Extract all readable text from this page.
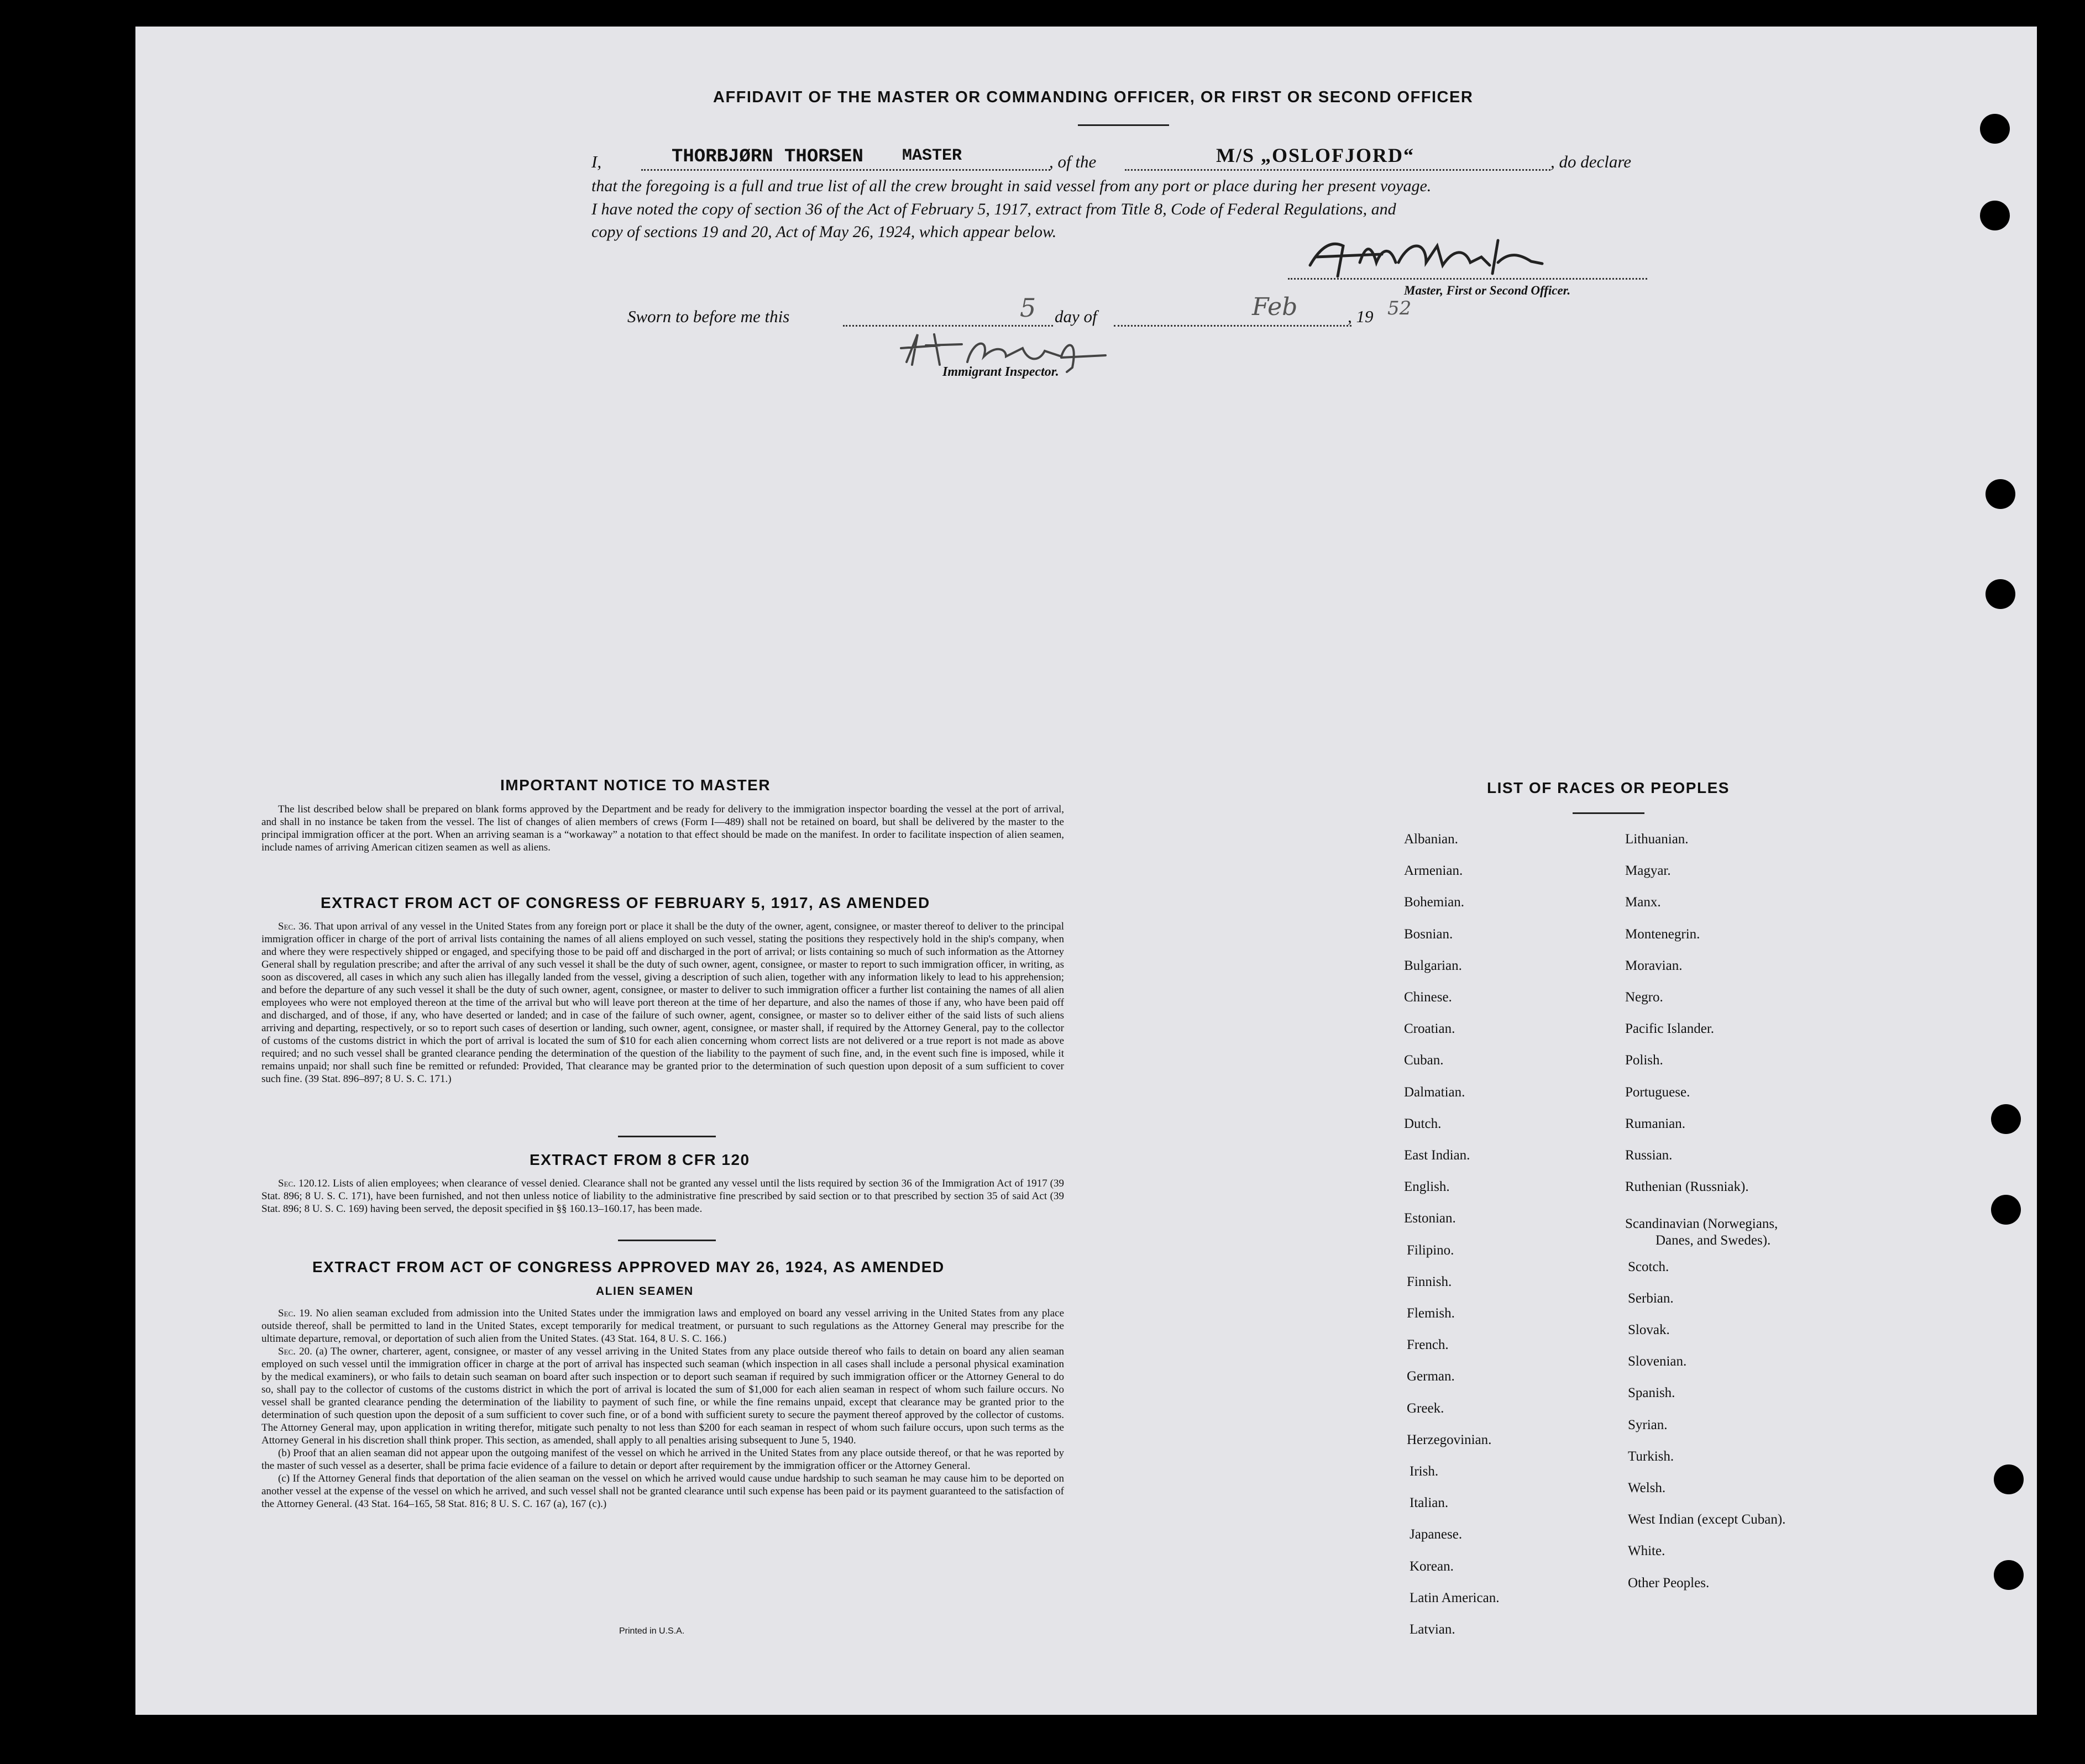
AFFIDAVIT OF THE MASTER OR COMMANDING OFFICER, OR FIRST OR SECOND OFFICER
I,	THORBJØRN THORSEN MASTER	, of the	M/S „OSLOFJORD“	, do declare
that the foregoing is a full and true list of all the crew brought in said vessel from any port or place during her present voyage.
I have noted the copy of section 36 of the Act of February 5, 1917, extract from Title 8, Code of Federal Regulations, and
copy of sections 19 and 20, Act of May 26, 1924, which appear below.
Master, First or Second Officer.
Sworn to before me this	5 day of	Feb	, 19 52
Immigrant Inspector.
IMPORTANT NOTICE TO MASTER
The list described below shall be prepared on blank forms approved by the Department and be ready for delivery to the immigration inspector boarding the vessel at the port of arrival, and shall in no instance be taken from the vessel. The list of changes of alien members of crews (Form I—489) shall not be retained on board, but shall be delivered by the master to the principal immigration officer at the port. When an arriving seaman is a “workaway” a notation to that effect should be made on the manifest. In order to facilitate inspection of alien seamen, include names of arriving American citizen seamen as well as aliens.
EXTRACT FROM ACT OF CONGRESS OF FEBRUARY 5, 1917, AS AMENDED
Sec. 36. That upon arrival of any vessel in the United States from any foreign port or place it shall be the duty of the owner, agent, consignee, or master thereof to deliver to the principal immigration officer in charge of the port of arrival lists containing the names of all aliens employed on such vessel, stating the positions they respectively hold in the ship's company, when and where they were respectively shipped or engaged, and specifying those to be paid off and discharged in the port of arrival; or lists containing so much of such information as the Attorney General shall by regulation prescribe; and after the arrival of any such vessel it shall be the duty of such owner, agent, consignee, or master to report to such immigration officer, in writing, as soon as discovered, all cases in which any such alien has illegally landed from the vessel, giving a description of such alien, together with any information likely to lead to his apprehension; and before the departure of any such vessel it shall be the duty of such owner, agent, consignee, or master to deliver to such immigration officer a further list containing the names of all alien employees who were not employed thereon at the time of the arrival but who will leave port thereon at the time of her departure, and also the names of those if any, who have been paid off and discharged, and of those, if any, who have deserted or landed; and in case of the failure of such owner, agent, consignee, or master so to deliver either of the said lists of such aliens arriving and departing, respectively, or so to report such cases of desertion or landing, such owner, agent, consignee, or master shall, if required by the Attorney General, pay to the collector of customs of the customs district in which the port of arrival is located the sum of $10 for each alien concerning whom correct lists are not delivered or a true report is not made as above required; and no such vessel shall be granted clearance pending the determination of the question of the liability to the payment of such fine, and, in the event such fine is imposed, while it remains unpaid; nor shall such fine be remitted or refunded: Provided, That clearance may be granted prior to the determination of such question upon deposit of a sum sufficient to cover such fine. (39 Stat. 896–897; 8 U. S. C. 171.)
EXTRACT FROM 8 CFR 120
Sec. 120.12. Lists of alien employees; when clearance of vessel denied. Clearance shall not be granted any vessel until the lists required by section 36 of the Immigration Act of 1917 (39 Stat. 896; 8 U. S. C. 171), have been furnished, and not then unless notice of liability to the administrative fine prescribed by said section or to that prescribed by section 35 of said Act (39 Stat. 896; 8 U. S. C. 169) having been served, the deposit specified in §§ 160.13–160.17, has been made.
EXTRACT FROM ACT OF CONGRESS APPROVED MAY 26, 1924, AS AMENDED
ALIEN SEAMEN
Sec. 19. No alien seaman excluded from admission into the United States under the immigration laws and employed on board any vessel arriving in the United States from any place outside thereof, shall be permitted to land in the United States, except temporarily for medical treatment, or pursuant to such regulations as the Attorney General may prescribe for the ultimate departure, removal, or deportation of such alien from the United States. (43 Stat. 164, 8 U. S. C. 166.)
Sec. 20. (a) The owner, charterer, agent, consignee, or master of any vessel arriving in the United States from any place outside thereof who fails to detain on board any alien seaman employed on such vessel until the immigration officer in charge at the port of arrival has inspected such seaman (which inspection in all cases shall include a personal physical examination by the medical examiners), or who fails to detain such seaman on board after such inspection or to deport such seaman if required by such immigration officer or the Attorney General to do so, shall pay to the collector of customs of the customs district in which the port of arrival is located the sum of $1,000 for each alien seaman in respect of whom such failure occurs. No vessel shall be granted clearance pending the determination of the liability to payment of such fine, or while the fine remains unpaid, except that clearance may be granted prior to the determination of such question upon the deposit of a sum sufficient to cover such fine, or of a bond with sufficient surety to secure the payment thereof approved by the collector of customs. The Attorney General may, upon application in writing therefor, mitigate such penalty to not less than $200 for each seaman in respect of whom such failure occurs, upon such terms as the Attorney General in his discretion shall think proper. This section, as amended, shall apply to all penalties arising subsequent to June 5, 1940.
(b) Proof that an alien seaman did not appear upon the outgoing manifest of the vessel on which he arrived in the United States from any place outside thereof, or that he was reported by the master of such vessel as a deserter, shall be prima facie evidence of a failure to detain or deport after requirement by the immigration officer or the Attorney General.
(c) If the Attorney General finds that deportation of the alien seaman on the vessel on which he arrived would cause undue hardship to such seaman he may cause him to be deported on another vessel at the expense of the vessel on which he arrived, and such vessel shall not be granted clearance until such expense has been paid or its payment guaranteed to the satisfaction of the Attorney General. (43 Stat. 164–165, 58 Stat. 816; 8 U. S. C. 167 (a), 167 (c).)
Printed in U.S.A.
LIST OF RACES OR PEOPLES
Albanian.
Armenian.
Bohemian.
Bosnian.
Bulgarian.
Chinese.
Croatian.
Cuban.
Dalmatian.
Dutch.
East Indian.
English.
Estonian.
Filipino.
Finnish.
Flemish.
French.
German.
Greek.
Herzegovinian.
Irish.
Italian.
Japanese.
Korean.
Latin American.
Latvian.
Lithuanian.
Magyar.
Manx.
Montenegrin.
Moravian.
Negro.
Pacific Islander.
Polish.
Portuguese.
Rumanian.
Russian.
Ruthenian (Russniak).
Scandinavian (Norwegians,
Danes, and Swedes).
Scotch.
Serbian.
Slovak.
Slovenian.
Spanish.
Syrian.
Turkish.
Welsh.
West Indian (except Cuban).
White.
Other Peoples.
